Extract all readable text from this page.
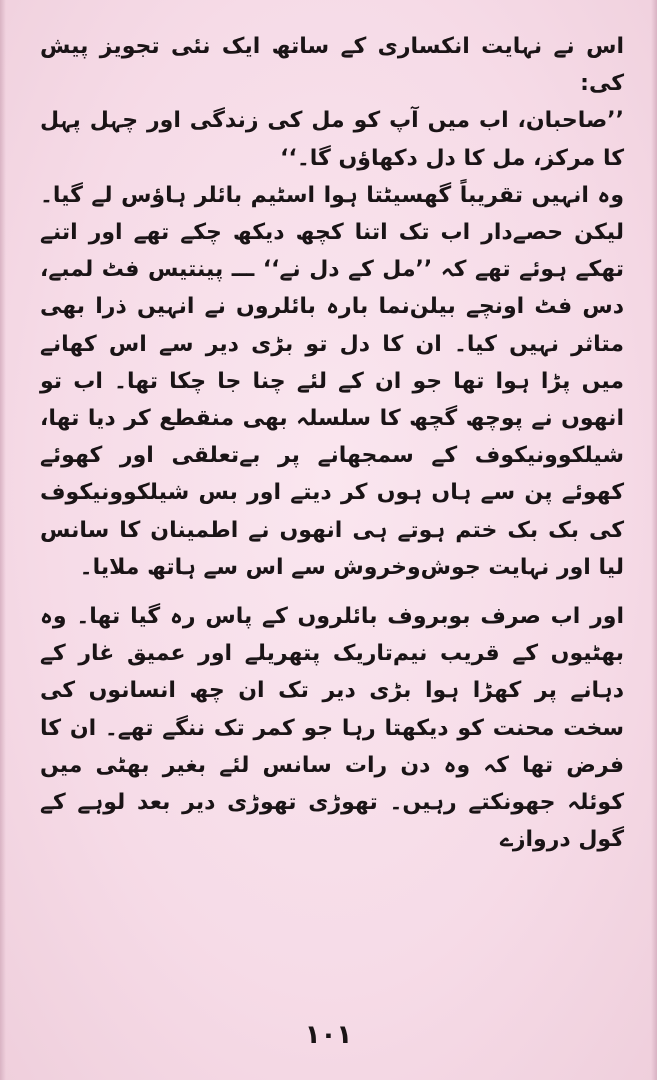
اس نے نہایت انکساری کے ساتھ ایک نئی تجویز پیش کی:

’’صاحبان، اب میں آپ کو مل کی زندگی اور چہل پہل کا مرکز، مل کا دل دکھاؤں گا۔‘‘

وہ انہیں تقریباً گھسیٹتا ہوا اسٹیم بائلر ہاؤس لے گیا۔ لیکن حصےدار اب تک اتنا کچھ دیکھ چکے تھے اور اتنے تھکے ہوئے تھے کہ ’’مل کے دل نے‘‘ ـــ پینتیس فٹ لمبے، دس فٹ اونچے بیلن‌نما بارہ بائلروں نے انہیں ذرا بھی متاثر نہیں کیا۔ ان کا دل تو بڑی دیر سے اس کھانے میں پڑا ہوا تھا جو ان کے لئے چنا جا چکا تھا۔ اب تو انھوں نے پوچھ گچھ کا سلسلہ بھی منقطع کر دیا تھا، شیلکوونیکوف کے سمجھانے پر بےتعلقی اور کھوئے کھوئے پن سے ہاں ہوں کر دیتے اور بس شیلکوونیکوف کی بک بک ختم ہوتے ہی انھوں نے اطمینان کا سانس لیا اور نہایت جوش‌وخروش سے اس سے ہاتھ ملایا۔

اور اب صرف بوبروف بائلروں کے پاس رہ گیا تھا۔ وہ بھٹیوں کے قریب نیم‌تاریک پتھریلے اور عمیق غار کے دہانے پر کھڑا ہوا بڑی دیر تک ان چھ انسانوں کی سخت محنت کو دیکھتا رہا جو کمر تک ننگے تھے۔ ان کا فرض تھا کہ وہ دن رات سانس لئے بغیر بھٹی میں کوئلہ جھونکتے رہیں۔ تھوڑی تھوڑی دیر بعد لوہے کے گول دروازے

۱۰۱
